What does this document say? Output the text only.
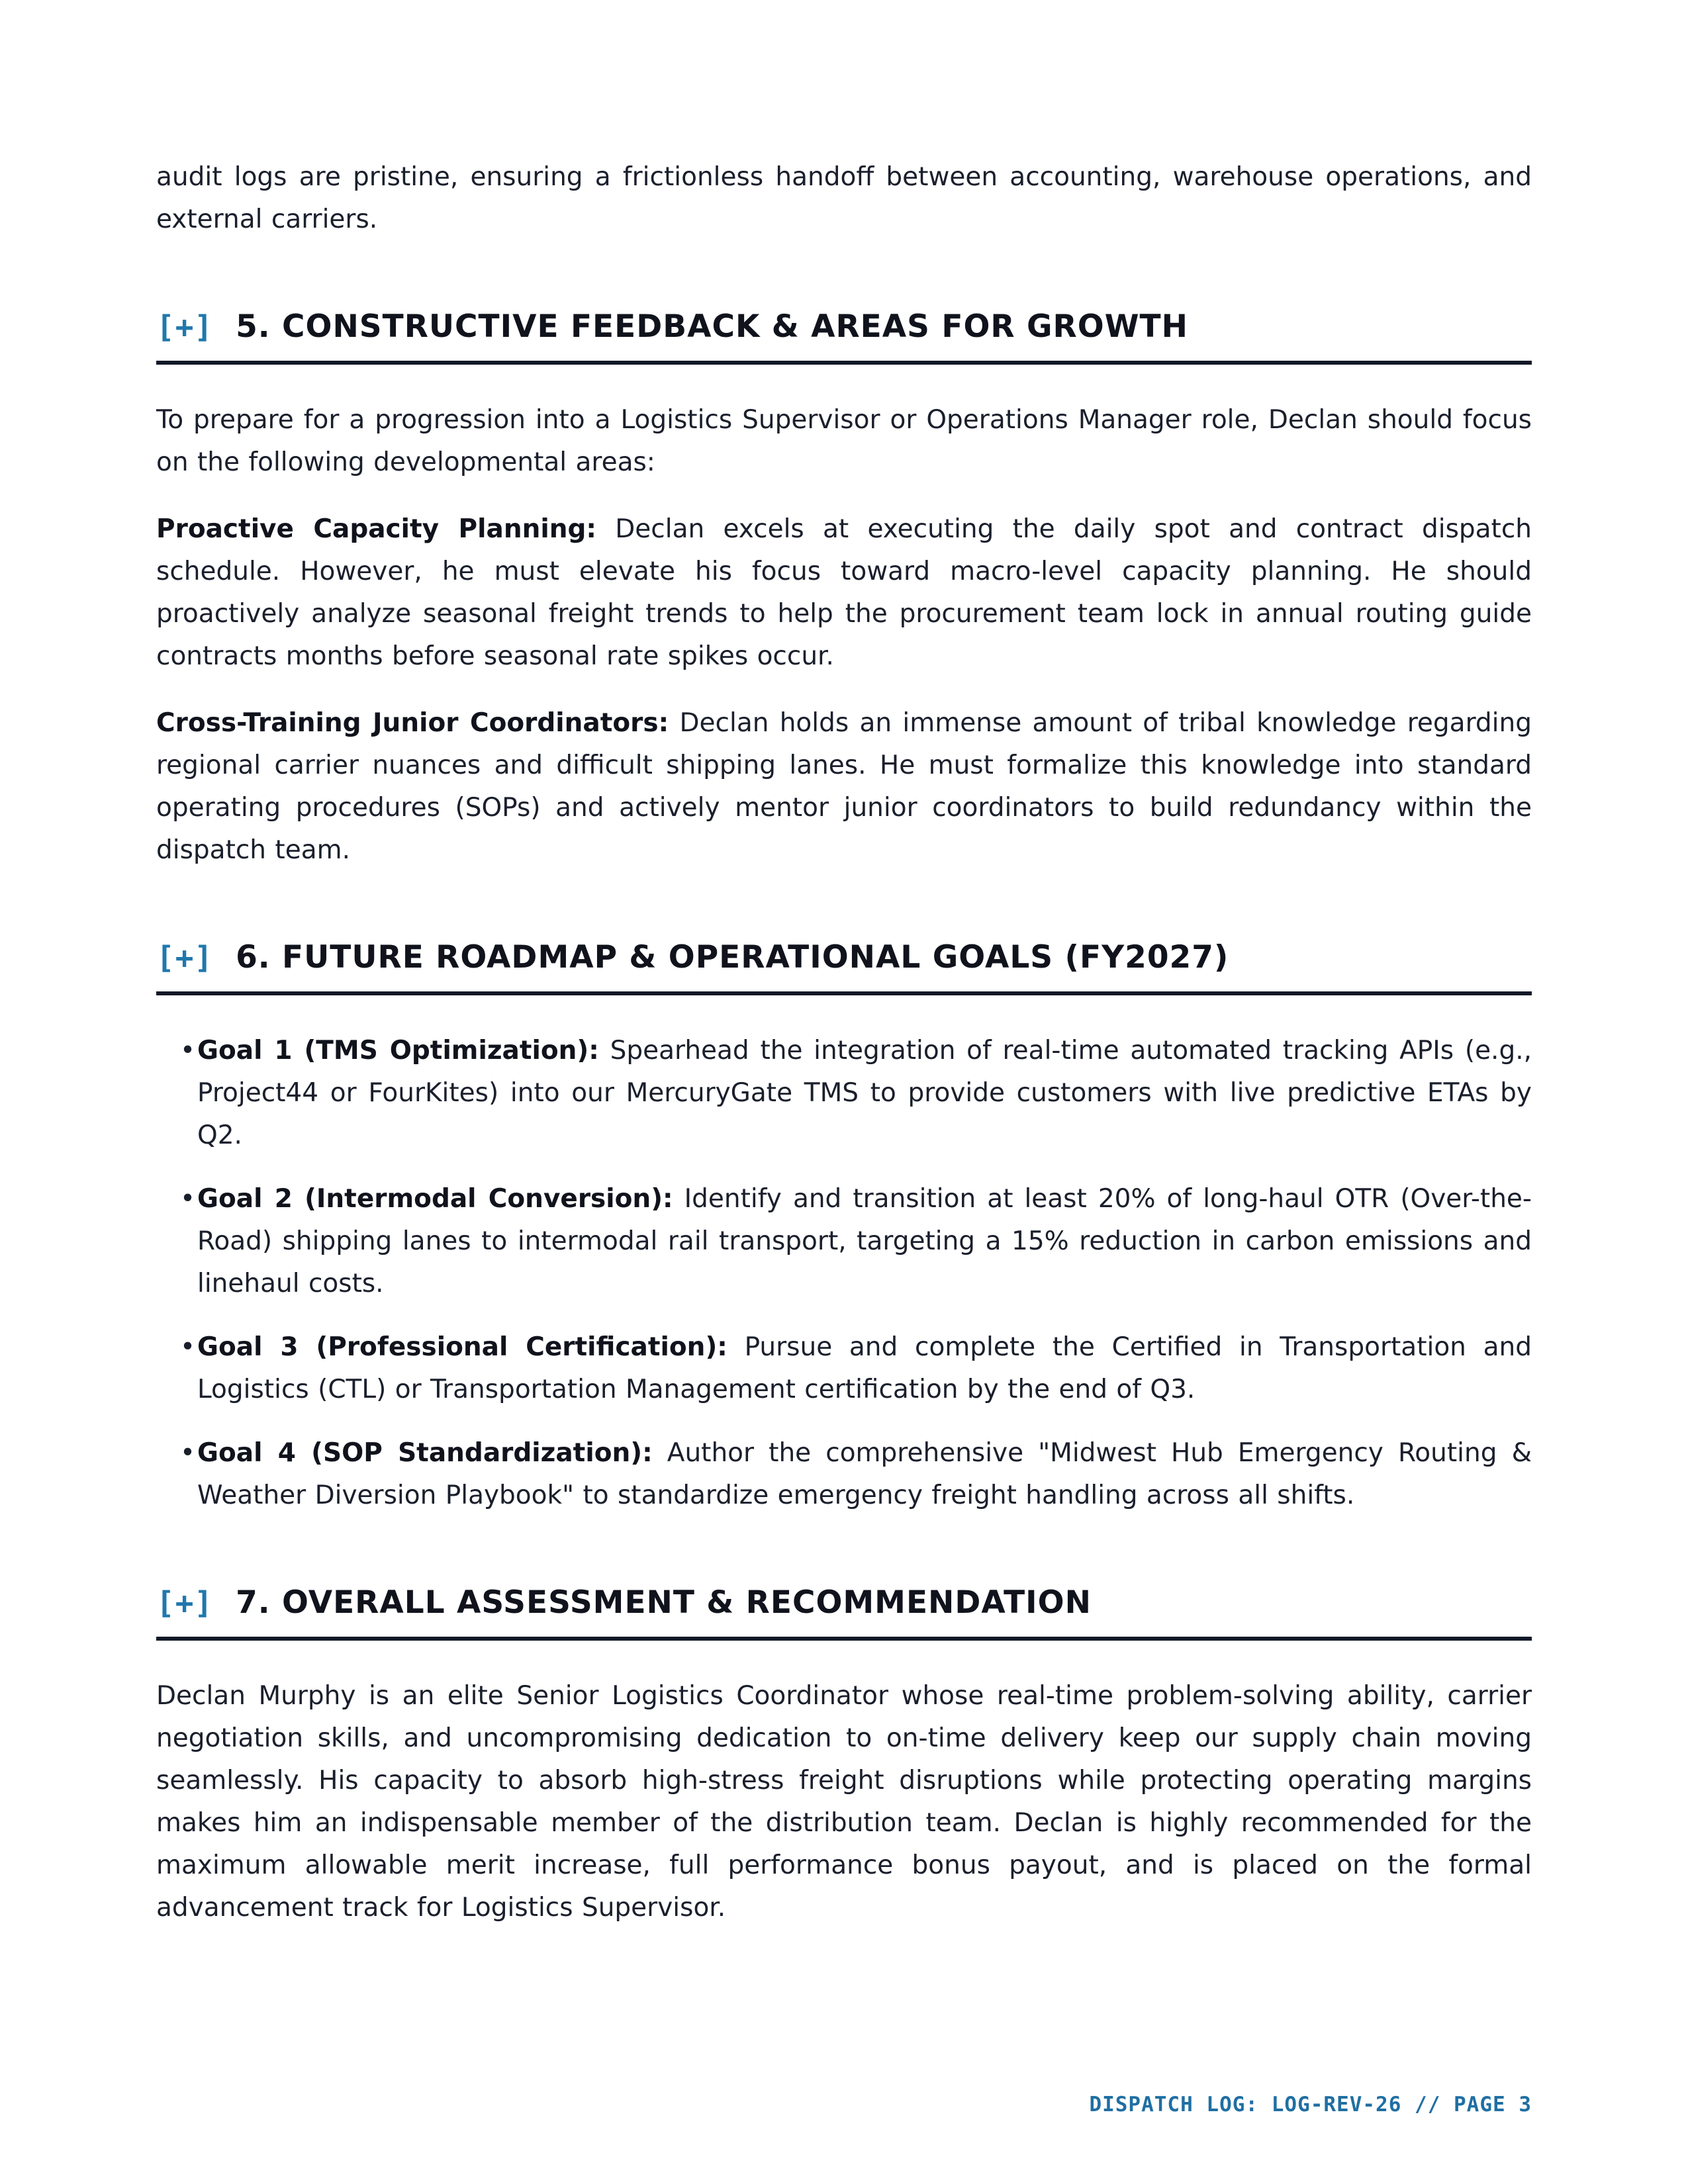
audit logs are pristine, ensuring a frictionless handoff between accounting, warehouse operations, and external carriers.

[+] 5. CONSTRUCTIVE FEEDBACK & AREAS FOR GROWTH

To prepare for a progression into a Logistics Supervisor or Operations Manager role, Declan should focus on the following developmental areas:

Proactive Capacity Planning: Declan excels at executing the daily spot and contract dispatch schedule. However, he must elevate his focus toward macro-level capacity planning. He should proactively analyze seasonal freight trends to help the procurement team lock in annual routing guide contracts months before seasonal rate spikes occur.

Cross-Training Junior Coordinators: Declan holds an immense amount of tribal knowledge regarding regional carrier nuances and difficult shipping lanes. He must formalize this knowledge into standard operating procedures (SOPs) and actively mentor junior coordinators to build redundancy within the dispatch team.

[+] 6. FUTURE ROADMAP & OPERATIONAL GOALS (FY2027)
• Goal 1 (TMS Optimization): Spearhead the integration of real-time automated tracking APIs (e.g., Project44 or FourKites) into our MercuryGate TMS to provide customers with live predictive ETAs by Q2.

• Goal 2 (Intermodal Conversion): Identify and transition at least 20% of long-haul OTR (Over-the-Road) shipping lanes to intermodal rail transport, targeting a 15% reduction in carbon emissions and linehaul costs.

• Goal 3 (Professional Certification): Pursue and complete the Certified in Transportation and Logistics (CTL) or Transportation Management certification by the end of Q3.

• Goal 4 (SOP Standardization): Author the comprehensive "Midwest Hub Emergency Routing & Weather Diversion Playbook" to standardize emergency freight handling across all shifts.

[+] 7. OVERALL ASSESSMENT & RECOMMENDATION

Declan Murphy is an elite Senior Logistics Coordinator whose real-time problem-solving ability, carrier negotiation skills, and uncompromising dedication to on-time delivery keep our supply chain moving seamlessly. His capacity to absorb high-stress freight disruptions while protecting operating margins makes him an indispensable member of the distribution team. Declan is highly recommended for the maximum allowable merit increase, full performance bonus payout, and is placed on the formal advancement track for Logistics Supervisor.

DISPATCH LOG: LOG-REV-26 // PAGE 3
